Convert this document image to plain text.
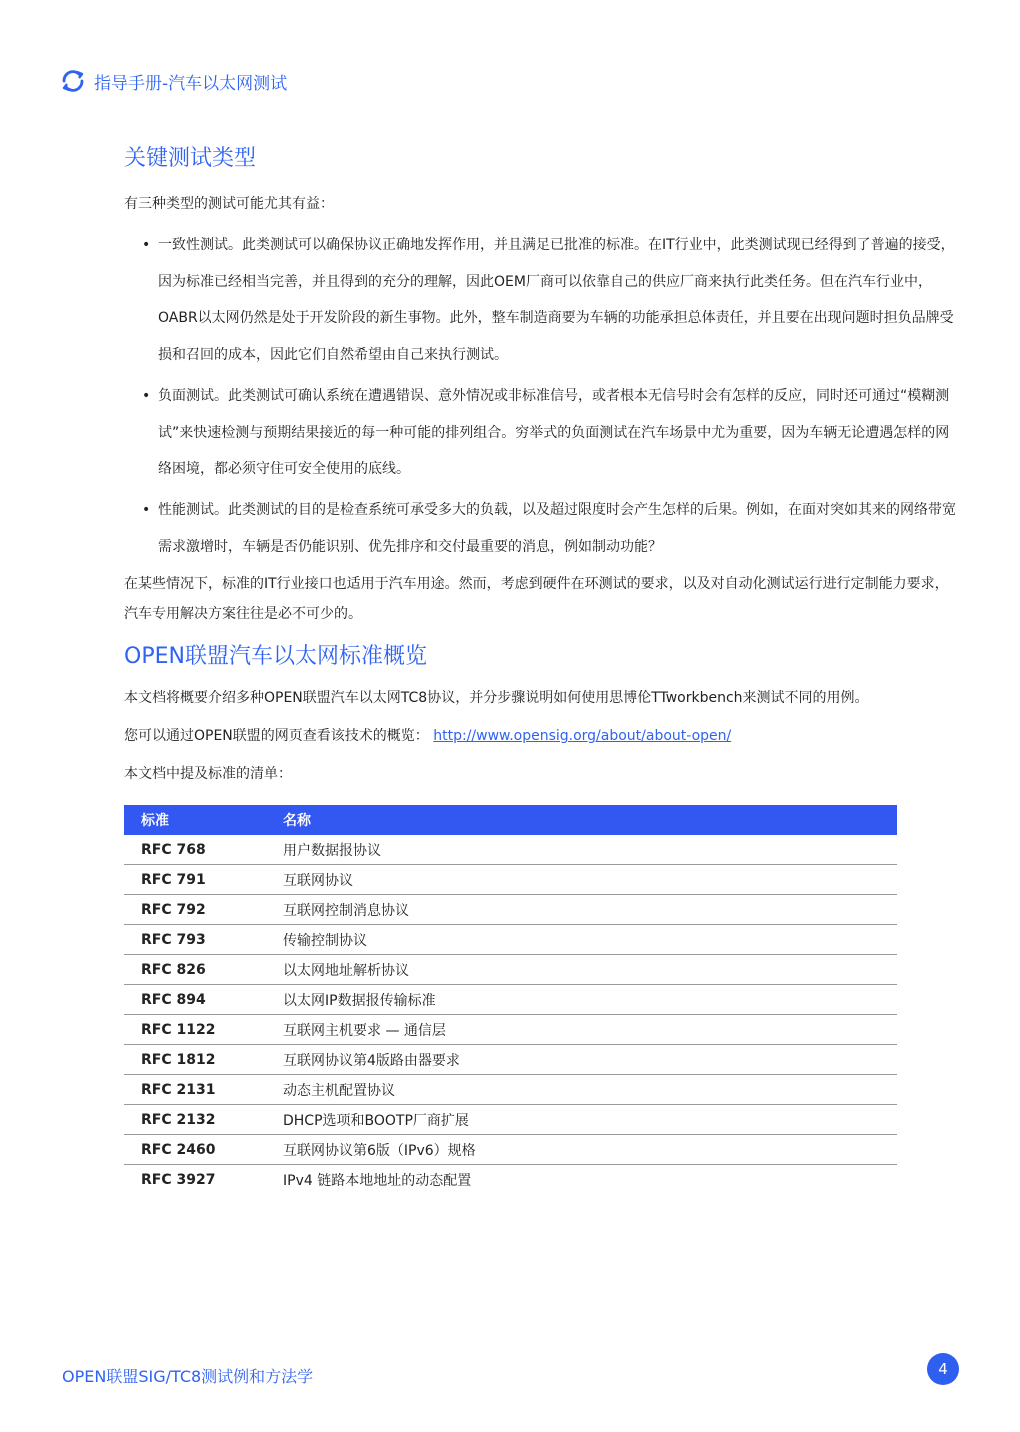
指导手册-汽车以太网测试
关键测试类型

有三种类型的测试可能尤其有益：

• 一致性测试。此类测试可以确保协议正确地发挥作用，并且满足已批准的标准。在IT行业中，此类测试现已经得到了普遍的接受，因为标准已经相当完善，并且得到的充分的理解，因此OEM厂商可以依靠自己的供应厂商来执行此类任务。但在汽车行业中，OABR以太网仍然是处于开发阶段的新生事物。此外，整车制造商要为车辆的功能承担总体责任，并且要在出现问题时担负品牌受损和召回的成本，因此它们自然希望由自己来执行测试。
• 负面测试。此类测试可确认系统在遭遇错误、意外情况或非标准信号，或者根本无信号时会有怎样的反应，同时还可通过“模糊测试”来快速检测与预期结果接近的每一种可能的排列组合。穷举式的负面测试在汽车场景中尤为重要，因为车辆无论遭遇怎样的网络困境，都必须守住可安全使用的底线。
• 性能测试。此类测试的目的是检查系统可承受多大的负载，以及超过限度时会产生怎样的后果。例如，在面对突如其来的网络带宽需求激增时，车辆是否仍能识别、优先排序和交付最重要的消息，例如制动功能？

在某些情况下，标准的IT行业接口也适用于汽车用途。然而，考虑到硬件在环测试的要求，以及对自动化测试运行进行定制能力要求，汽车专用解决方案往往是必不可少的。

OPEN联盟汽车以太网标准概览

本文档将概要介绍多种OPEN联盟汽车以太网TC8协议，并分步骤说明如何使用思博伦TTworkbench来测试不同的用例。

您可以通过OPEN联盟的网页查看该技术的概览： http://www.opensig.org/about/about-open/

本文档中提及标准的清单：

标准	名称
RFC 768	用户数据报协议
RFC 791	互联网协议
RFC 792	互联网控制消息协议
RFC 793	传输控制协议
RFC 826	以太网地址解析协议
RFC 894	以太网IP数据报传输标准
RFC 1122	互联网主机要求 — 通信层
RFC 1812	互联网协议第4版路由器要求
RFC 2131	动态主机配置协议
RFC 2132	DHCP选项和BOOTP厂商扩展
RFC 2460	互联网协议第6版（IPv6）规格
RFC 3927	IPv4 链路本地地址的动态配置
OPEN联盟SIG/TC8测试例和方法学	4
